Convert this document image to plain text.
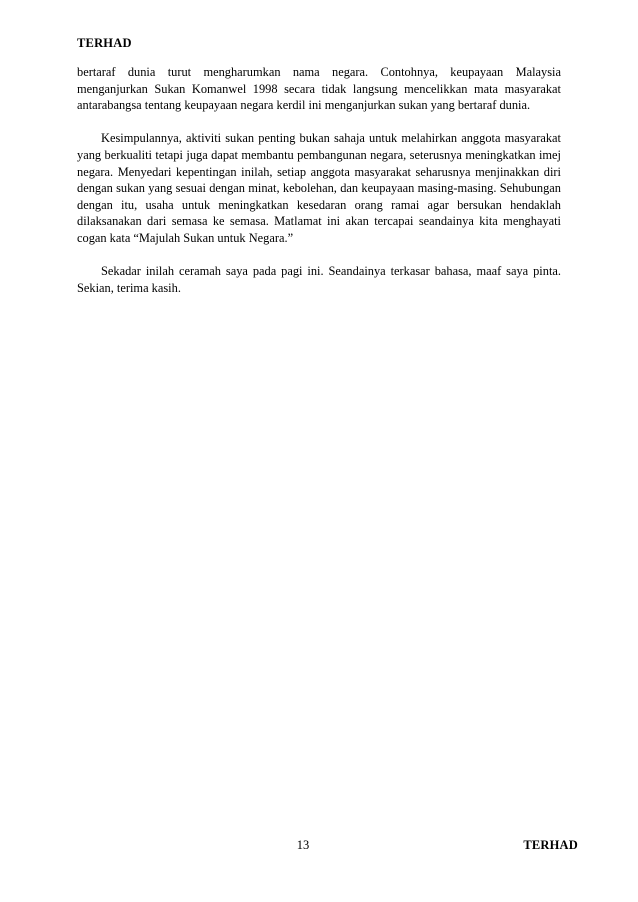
TERHAD

bertaraf dunia turut mengharumkan nama negara. Contohnya, keupayaan Malaysia menganjurkan Sukan Komanwel 1998 secara tidak langsung mencelikkan mata masyarakat antarabangsa tentang keupayaan negara kerdil ini menganjurkan sukan yang bertaraf dunia.

Kesimpulannya, aktiviti sukan penting bukan sahaja untuk melahirkan anggota masyarakat yang berkualiti tetapi juga dapat membantu pembangunan negara, seterusnya meningkatkan imej negara. Menyedari kepentingan inilah, setiap anggota masyarakat seharusnya menjinakkan diri dengan sukan yang sesuai dengan minat, kebolehan, dan keupayaan masing-masing. Sehubungan dengan itu, usaha untuk meningkatkan kesedaran orang ramai agar bersukan hendaklah dilaksanakan dari semasa ke semasa. Matlamat ini akan tercapai seandainya kita menghayati cogan kata “Majulah Sukan untuk Negara.”

Sekadar inilah ceramah saya pada pagi ini. Seandainya terkasar bahasa, maaf saya pinta. Sekian, terima kasih.

13	TERHAD
